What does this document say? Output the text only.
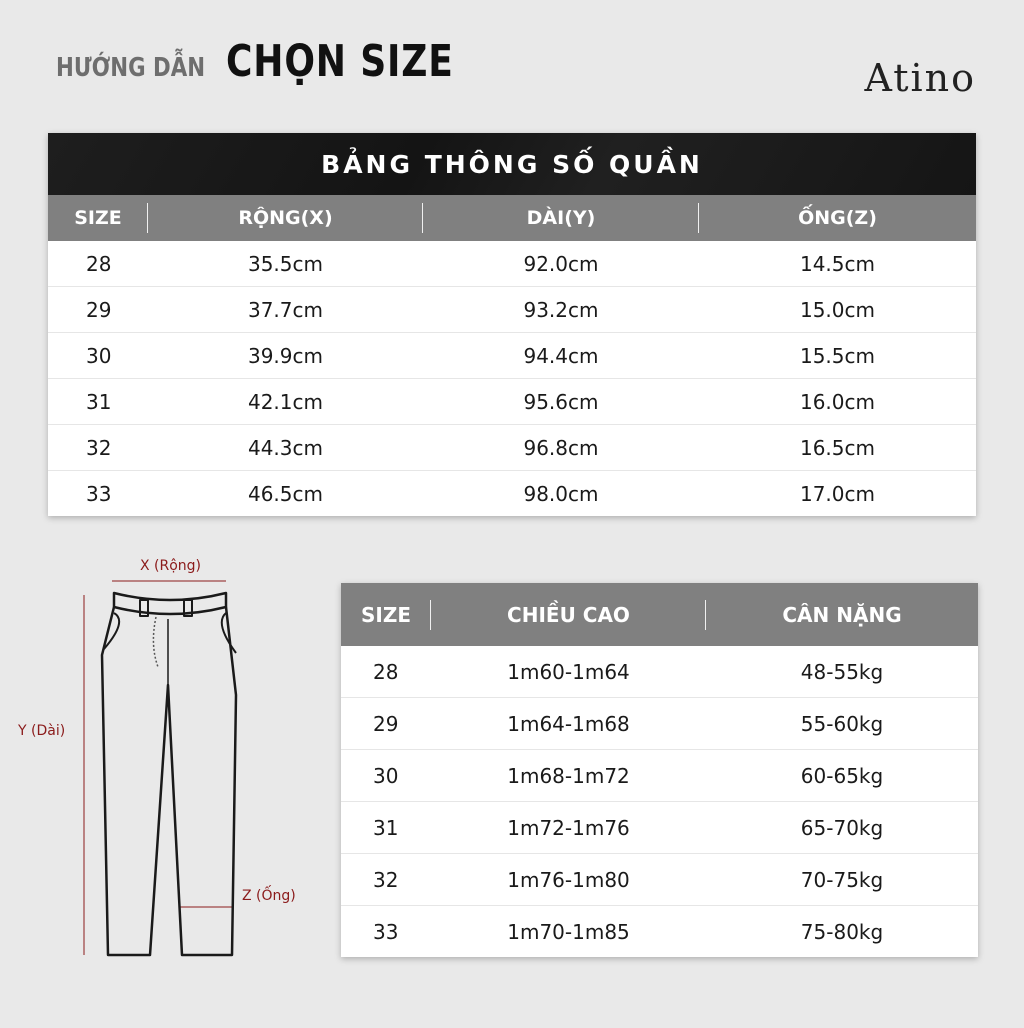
HƯỚNG DẪN CHỌN SIZE	Atino
BẢNG THÔNG SỐ QUẦN
SIZE	RỘNG(X)	DÀI(Y)	ỐNG(Z)
28	35.5cm	92.0cm	14.5cm
29	37.7cm	93.2cm	15.0cm
30	39.9cm	94.4cm	15.5cm
31	42.1cm	95.6cm	16.0cm
32	44.3cm	96.8cm	16.5cm
33	46.5cm	98.0cm	17.0cm
X (Rộng)
Y (Dài)
Z (Ống)
SIZE	CHIỀU CAO	CÂN NẶNG
28	1m60-1m64	48-55kg
29	1m64-1m68	55-60kg
30	1m68-1m72	60-65kg
31	1m72-1m76	65-70kg
32	1m76-1m80	70-75kg
33	1m70-1m85	75-80kg
